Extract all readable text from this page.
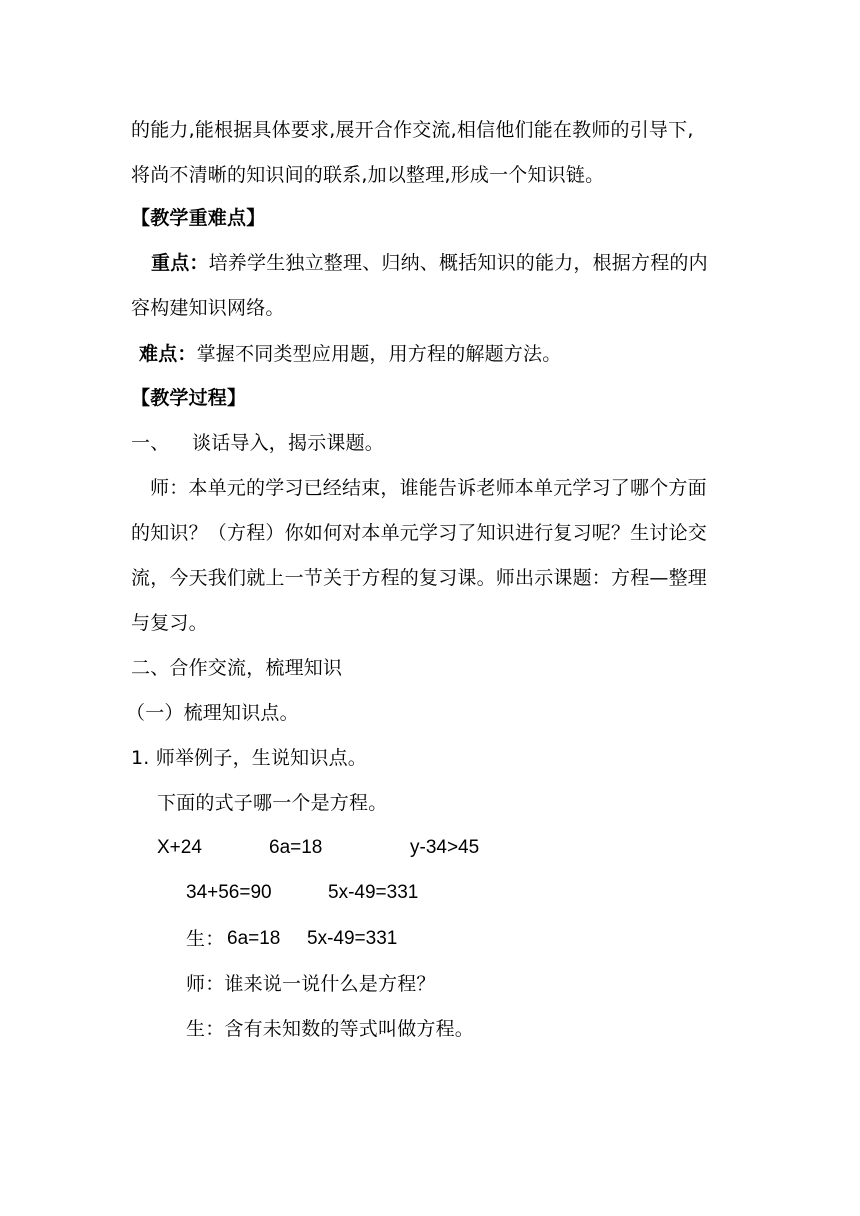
的能力,能根据具体要求,展开合作交流,相信他们能在教师的引导下,
将尚不清晰的知识间的联系,加以整理,形成一个知识链。
【教学重难点】
重点：培养学生独立整理、归纳、概括知识的能力，根据方程的内
容构建知识网络。
难点：掌握不同类型应用题，用方程的解题方法。
【教学过程】
一、 谈话导入，揭示课题。
师：本单元的学习已经结束，谁能告诉老师本单元学习了哪个方面
的知识？（方程）你如何对本单元学习了知识进行复习呢？生讨论交
流，今天我们就上一节关于方程的复习课。师出示课题：方程—整理
与复习。
二、合作交流，梳理知识
（一）梳理知识点。
1. 师举例子，生说知识点。
下面的式子哪一个是方程。
X+24	6a=18	y-34>45
34+56=90	5x-49=331
生： 6a=18 5x-49=331
师：谁来说一说什么是方程？
生：含有未知数的等式叫做方程。
